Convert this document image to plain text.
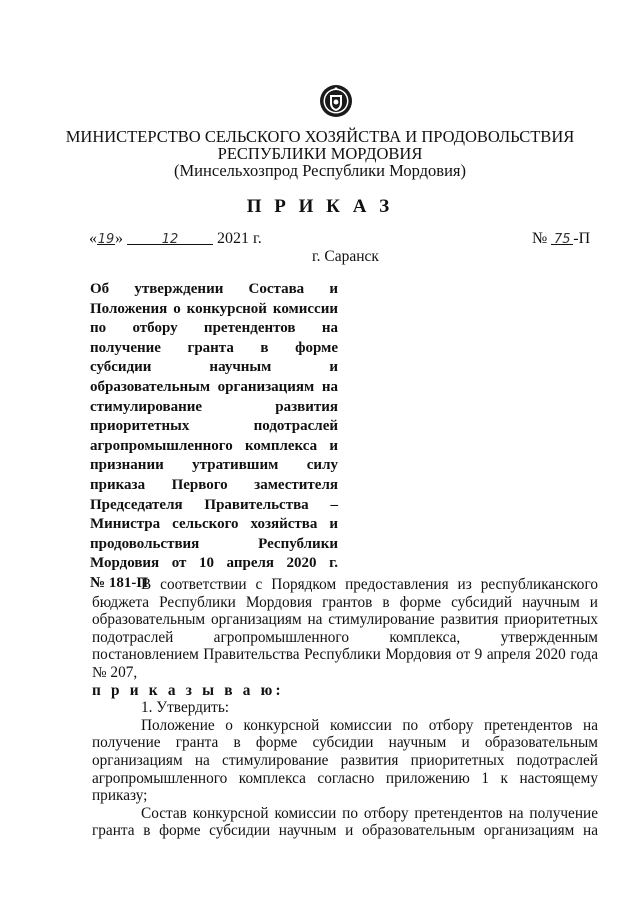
МИНИСТЕРСТВО СЕЛЬСКОГО ХОЗЯЙСТВА И ПРОДОВОЛЬСТВИЯ
РЕСПУБЛИКИ МОРДОВИЯ
(Минсельхозпрод Республики Мордовия)
П Р И К А З
«19»	12 2021 г.	№ 75 -П
г. Саранск
Об утверждении Состава и
Положения о конкурсной комиссии
по отбору претендентов на
получение гранта в форме
субсидии научным и
образовательным организациям на
стимулирование развития
приоритетных подотраслей
агропромышленного комплекса и
признании утратившим силу
приказа Первого заместителя
Председателя Правительства –
Министра сельского хозяйства и
продовольствия Республики
Мордовия от 10 апреля 2020 г.
№ 181-П

В соответствии с Порядком предоставления из республиканского бюджета Республики Мордовия грантов в форме субсидий научным и образовательным организациям на стимулирование развития приоритетных подотраслей агропромышленного комплекса, утвержденным постановлением Правительства Республики Мордовия от 9 апреля 2020 года № 207,

п р и к а з ы в а ю:

1. Утвердить:

Положение о конкурсной комиссии по отбору претендентов на получение гранта в форме субсидии научным и образовательным организациям на стимулирование развития приоритетных подотраслей агропромышленного комплекса согласно приложению 1 к настоящему приказу;

Состав конкурсной комиссии по отбору претендентов на получение
гранта в форме субсидии научным и образовательным организациям на
